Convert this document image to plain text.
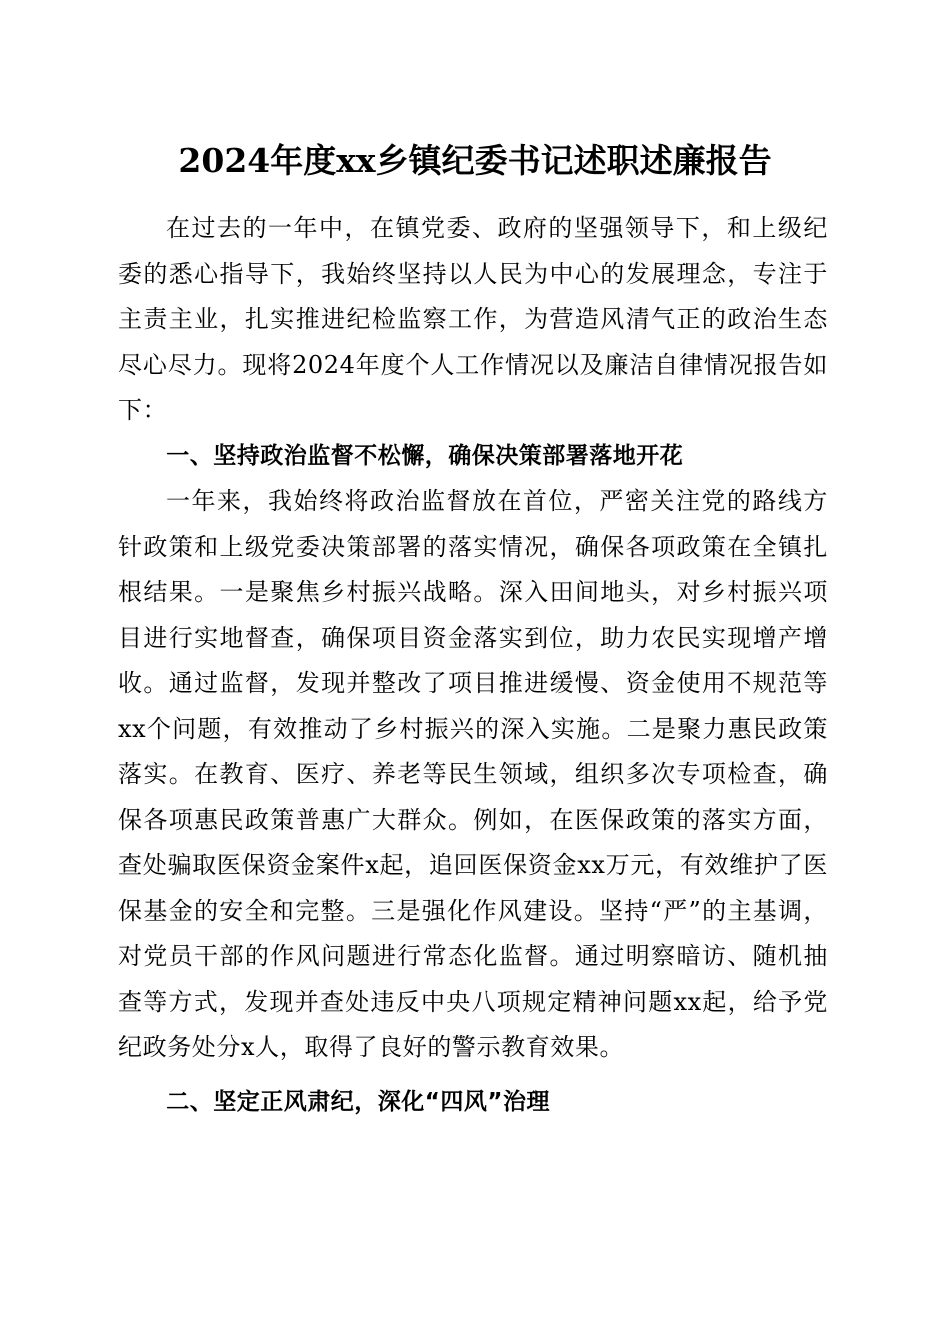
2024年度xx乡镇纪委书记述职述廉报告

在过去的一年中，在镇党委、政府的坚强领导下，和上级纪委的悉心指导下，我始终坚持以人民为中心的发展理念，专注于主责主业，扎实推进纪检监察工作，为营造风清气正的政治生态尽心尽力。现将2024年度个人工作情况以及廉洁自律情况报告如下：

一、坚持政治监督不松懈，确保决策部署落地开花

一年来，我始终将政治监督放在首位，严密关注党的路线方针政策和上级党委决策部署的落实情况，确保各项政策在全镇扎根结果。一是聚焦乡村振兴战略。深入田间地头，对乡村振兴项目进行实地督查，确保项目资金落实到位，助力农民实现增产增收。通过监督，发现并整改了项目推进缓慢、资金使用不规范等xx个问题，有效推动了乡村振兴的深入实施。二是聚力惠民政策落实。在教育、医疗、养老等民生领域，组织多次专项检查，确保各项惠民政策普惠广大群众。例如，在医保政策的落实方面，查处骗取医保资金案件x起，追回医保资金xx万元，有效维护了医保基金的安全和完整。三是强化作风建设。坚持“严”的主基调，对党员干部的作风问题进行常态化监督。通过明察暗访、随机抽查等方式，发现并查处违反中央八项规定精神问题xx起，给予党纪政务处分x人，取得了良好的警示教育效果。

二、坚定正风肃纪，深化“四风”治理
